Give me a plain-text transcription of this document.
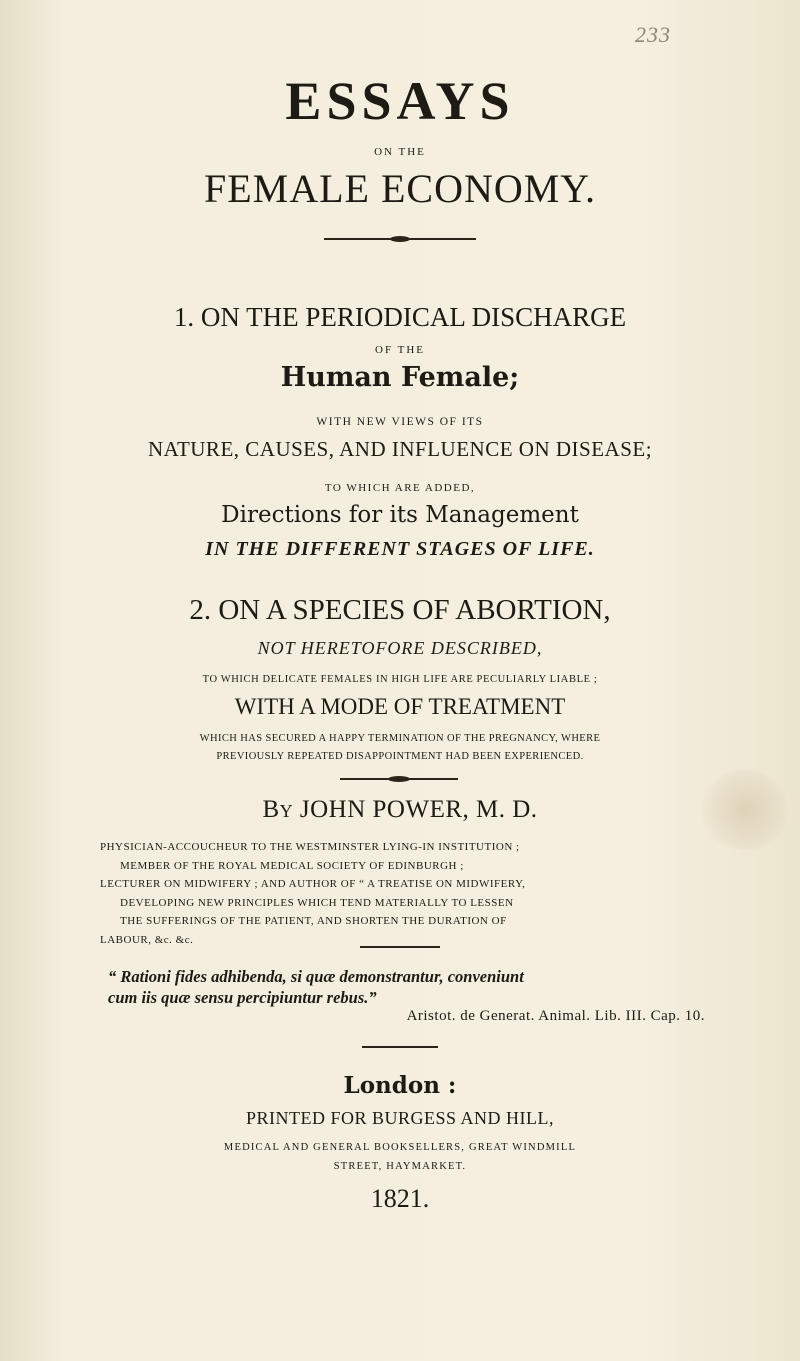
233
ESSAYS
ON THE
FEMALE ECONOMY.
1. ON THE PERIODICAL DISCHARGE
OF THE
Human Female;
WITH NEW VIEWS OF ITS
NATURE, CAUSES, AND INFLUENCE ON DISEASE;
TO WHICH ARE ADDED,
Directions for its Management
IN THE DIFFERENT STAGES OF LIFE.
2. ON A SPECIES OF ABORTION,
NOT HERETOFORE DESCRIBED,
TO WHICH DELICATE FEMALES IN HIGH LIFE ARE PECULIARLY LIABLE ;
WITH A MODE OF TREATMENT
WHICH HAS SECURED A HAPPY TERMINATION OF THE PREGNANCY, WHERE
PREVIOUSLY REPEATED DISAPPOINTMENT HAD BEEN EXPERIENCED.
By JOHN POWER, M. D.
PHYSICIAN-ACCOUCHEUR TO THE WESTMINSTER LYING-IN INSTITUTION ;
MEMBER OF THE ROYAL MEDICAL SOCIETY OF EDINBURGH ;
LECTURER ON MIDWIFERY ; AND AUTHOR OF “ A TREATISE ON MIDWIFERY,
DEVELOPING NEW PRINCIPLES WHICH TEND MATERIALLY TO LESSEN
THE SUFFERINGS OF THE PATIENT, AND SHORTEN THE DURATION OF
LABOUR, &c. &c.
“ Rationi fides adhibenda, si quæ demonstrantur, conveniunt
cum iis quæ sensu percipiuntur rebus.”
Aristot. de Generat. Animal. Lib. III. Cap. 10.
London :
PRINTED FOR BURGESS AND HILL,
MEDICAL AND GENERAL BOOKSELLERS, GREAT WINDMILL
STREET, HAYMARKET.
1821.
